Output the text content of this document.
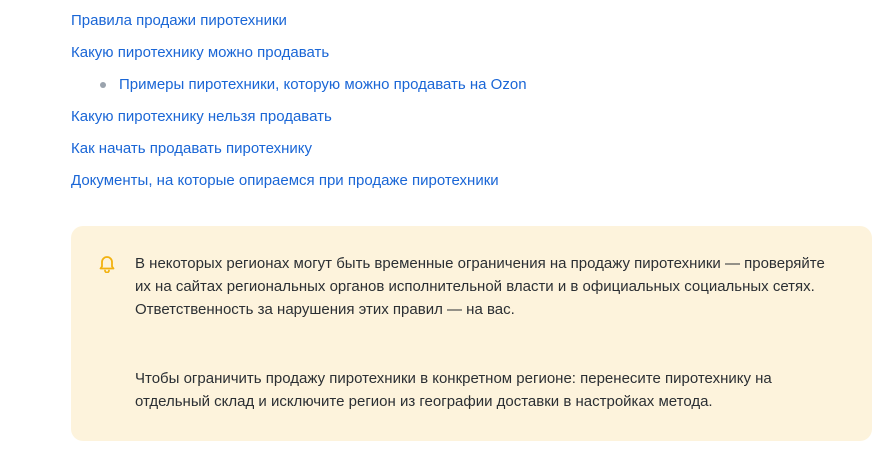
Правила продажи пиротехники
Какую пиротехнику можно продавать
Примеры пиротехники, которую можно продавать на Ozon
Какую пиротехнику нельзя продавать
Как начать продавать пиротехнику
Документы, на которые опираемся при продаже пиротехники

В некоторых регионах могут быть временные ограничения на продажу пиротехники — проверяйте их на сайтах региональных органов исполнительной власти и в официальных социальных сетях. Ответственность за нарушения этих правил — на вас.

Чтобы ограничить продажу пиротехники в конкретном регионе: перенесите пиротехнику на отдельный склад и исключите регион из географии доставки в настройках метода.
